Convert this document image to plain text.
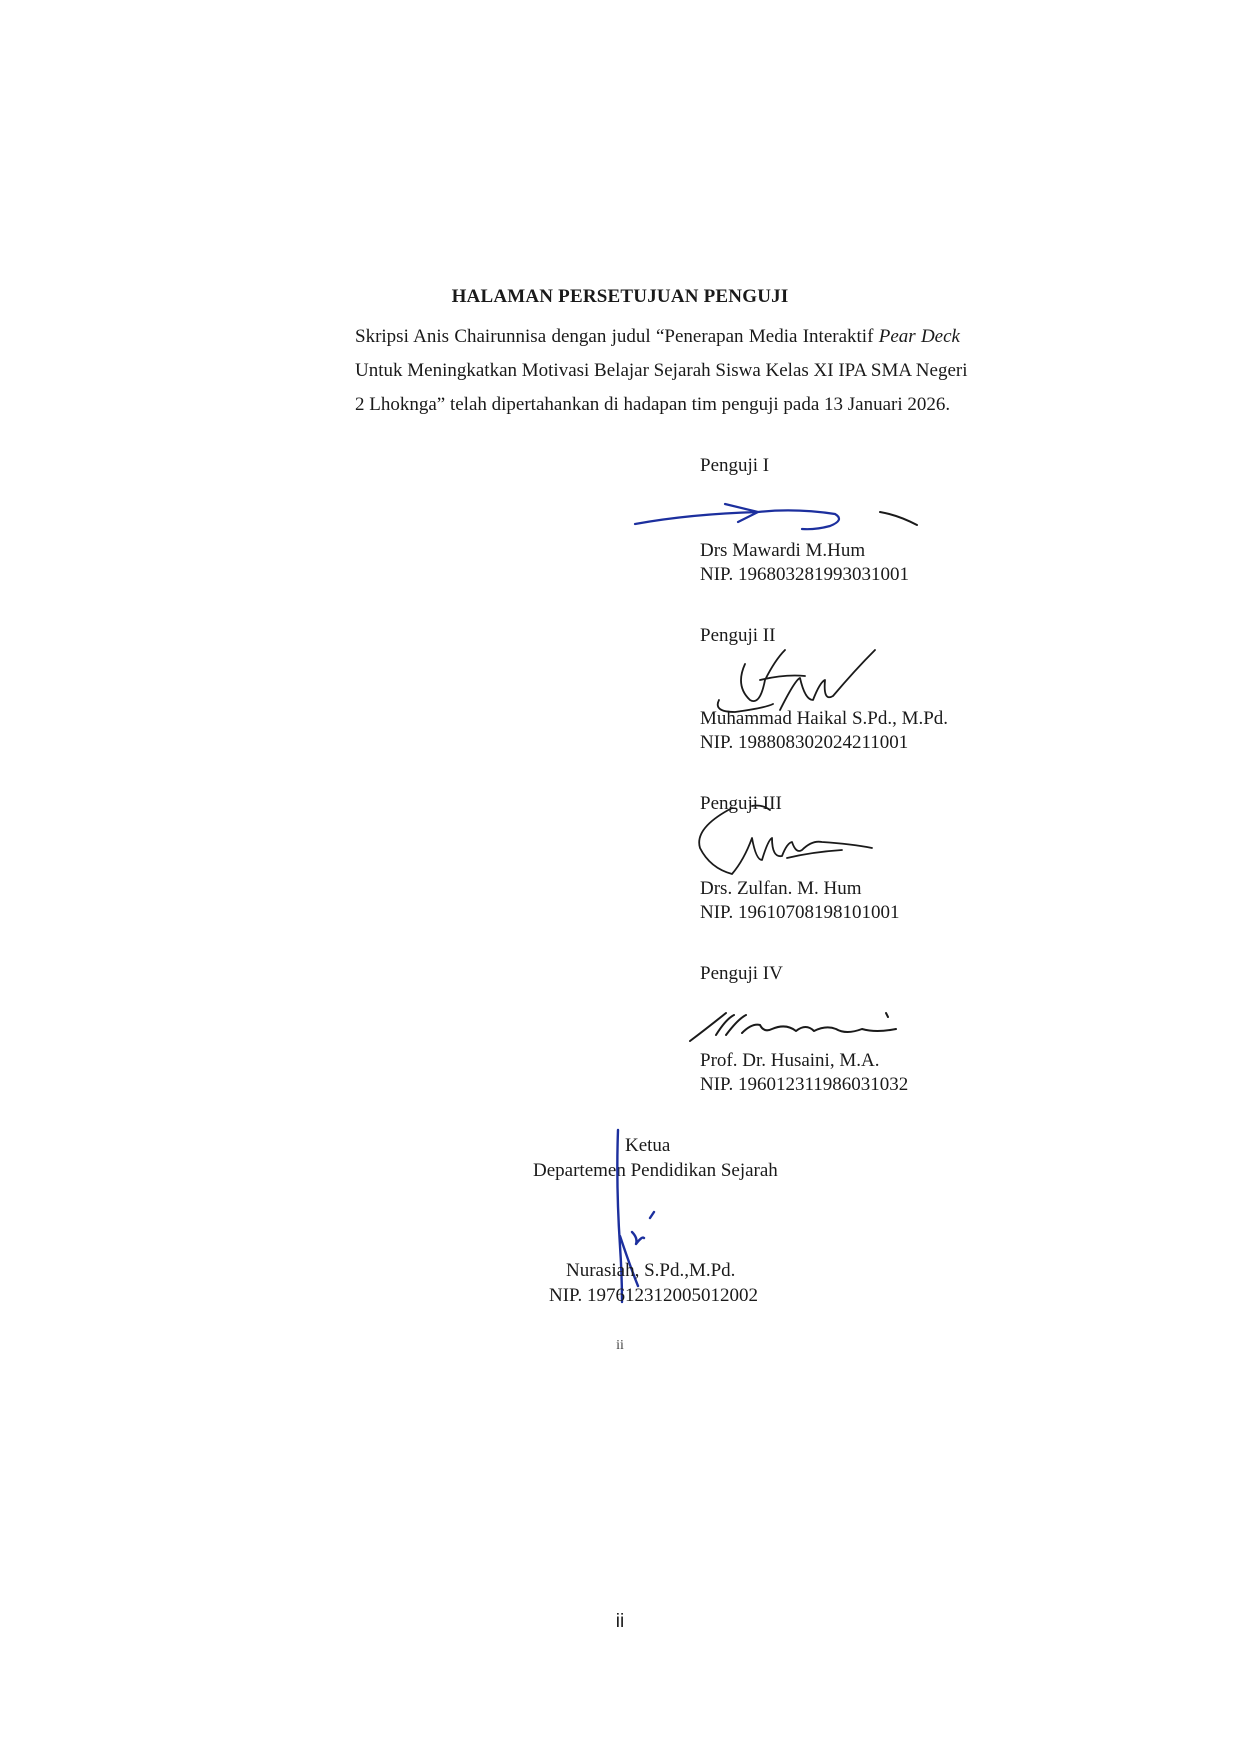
HALAMAN PERSETUJUAN PENGUJI
Skripsi Anis Chairunnisa dengan judul “Penerapan Media Interaktif Pear Deck
Untuk Meningkatkan Motivasi Belajar Sejarah Siswa Kelas XI IPA SMA Negeri
2 Lhoknga” telah dipertahankan di hadapan tim penguji pada 13 Januari 2026.
Penguji I
Drs Mawardi M.Hum
NIP. 196803281993031001
Penguji II
Muhammad Haikal S.Pd., M.Pd.
NIP. 198808302024211001
Penguji III
Drs. Zulfan. M. Hum
NIP. 19610708198101001
Penguji IV
Prof. Dr. Husaini, M.A.
NIP. 196012311986031032
Ketua
Departemen Pendidikan Sejarah
Nurasiah, S.Pd.,M.Pd.
NIP. 197612312005012002
ii
ii
